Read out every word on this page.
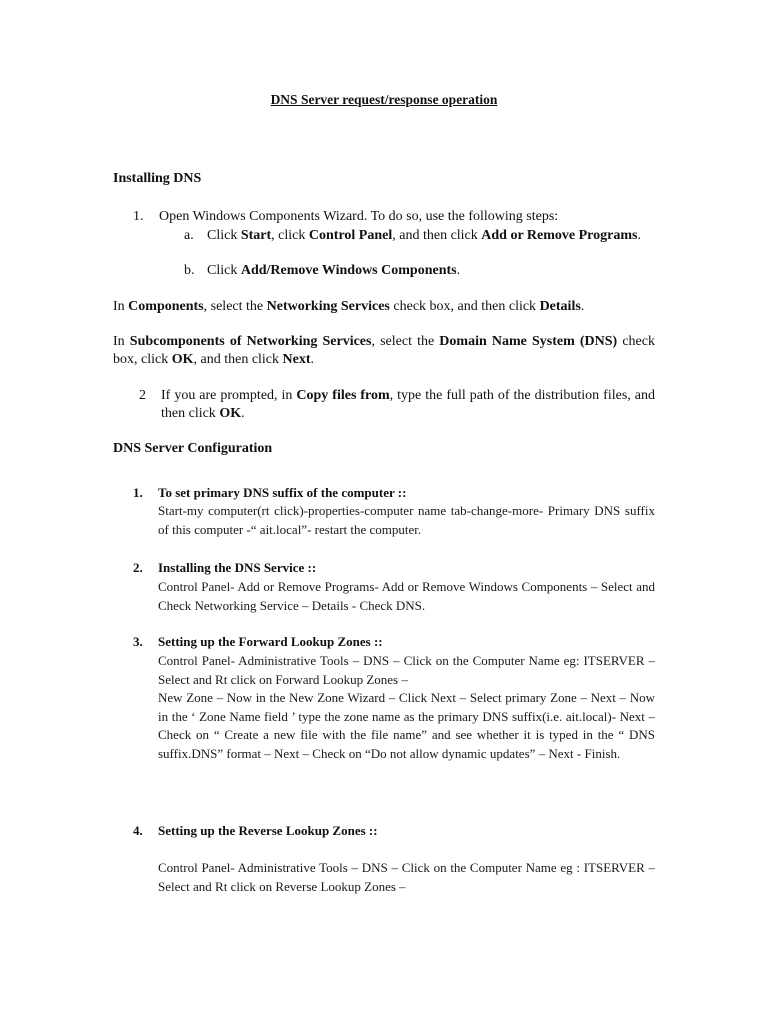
DNS Server request/response operation
Installing DNS
1. Open Windows Components Wizard. To do so, use the following steps:
a. Click Start, click Control Panel, and then click Add or Remove Programs.
b. Click Add/Remove Windows Components.
In Components, select the Networking Services check box, and then click Details.
In Subcomponents of Networking Services, select the Domain Name System (DNS) check box, click OK, and then click Next.
2 If you are prompted, in Copy files from, type the full path of the distribution files, and then click OK.
DNS Server Configuration
1. To set primary DNS suffix of the computer ::
Start-my computer(rt click)-properties-computer name tab-change-more- Primary DNS suffix of this computer -“ ait.local”- restart the computer.
2. Installing the DNS Service ::
Control Panel- Add or Remove Programs- Add or Remove Windows Components – Select and Check Networking Service – Details - Check DNS.
3. Setting up the Forward Lookup Zones ::
Control Panel- Administrative Tools – DNS – Click on the Computer Name eg: ITSERVER – Select and Rt click on Forward Lookup Zones –
New Zone – Now in the New Zone Wizard – Click Next – Select primary Zone – Next – Now in the ‘ Zone Name field ’ type the zone name as the primary DNS suffix(i.e. ait.local)- Next – Check on “ Create a new file with the file name” and see whether it is typed in the “ DNS suffix.DNS” format – Next – Check on “Do not allow dynamic updates” – Next - Finish.
4. Setting up the Reverse Lookup Zones ::
Control Panel- Administrative Tools – DNS – Click on the Computer Name eg : ITSERVER – Select and Rt click on Reverse Lookup Zones –
